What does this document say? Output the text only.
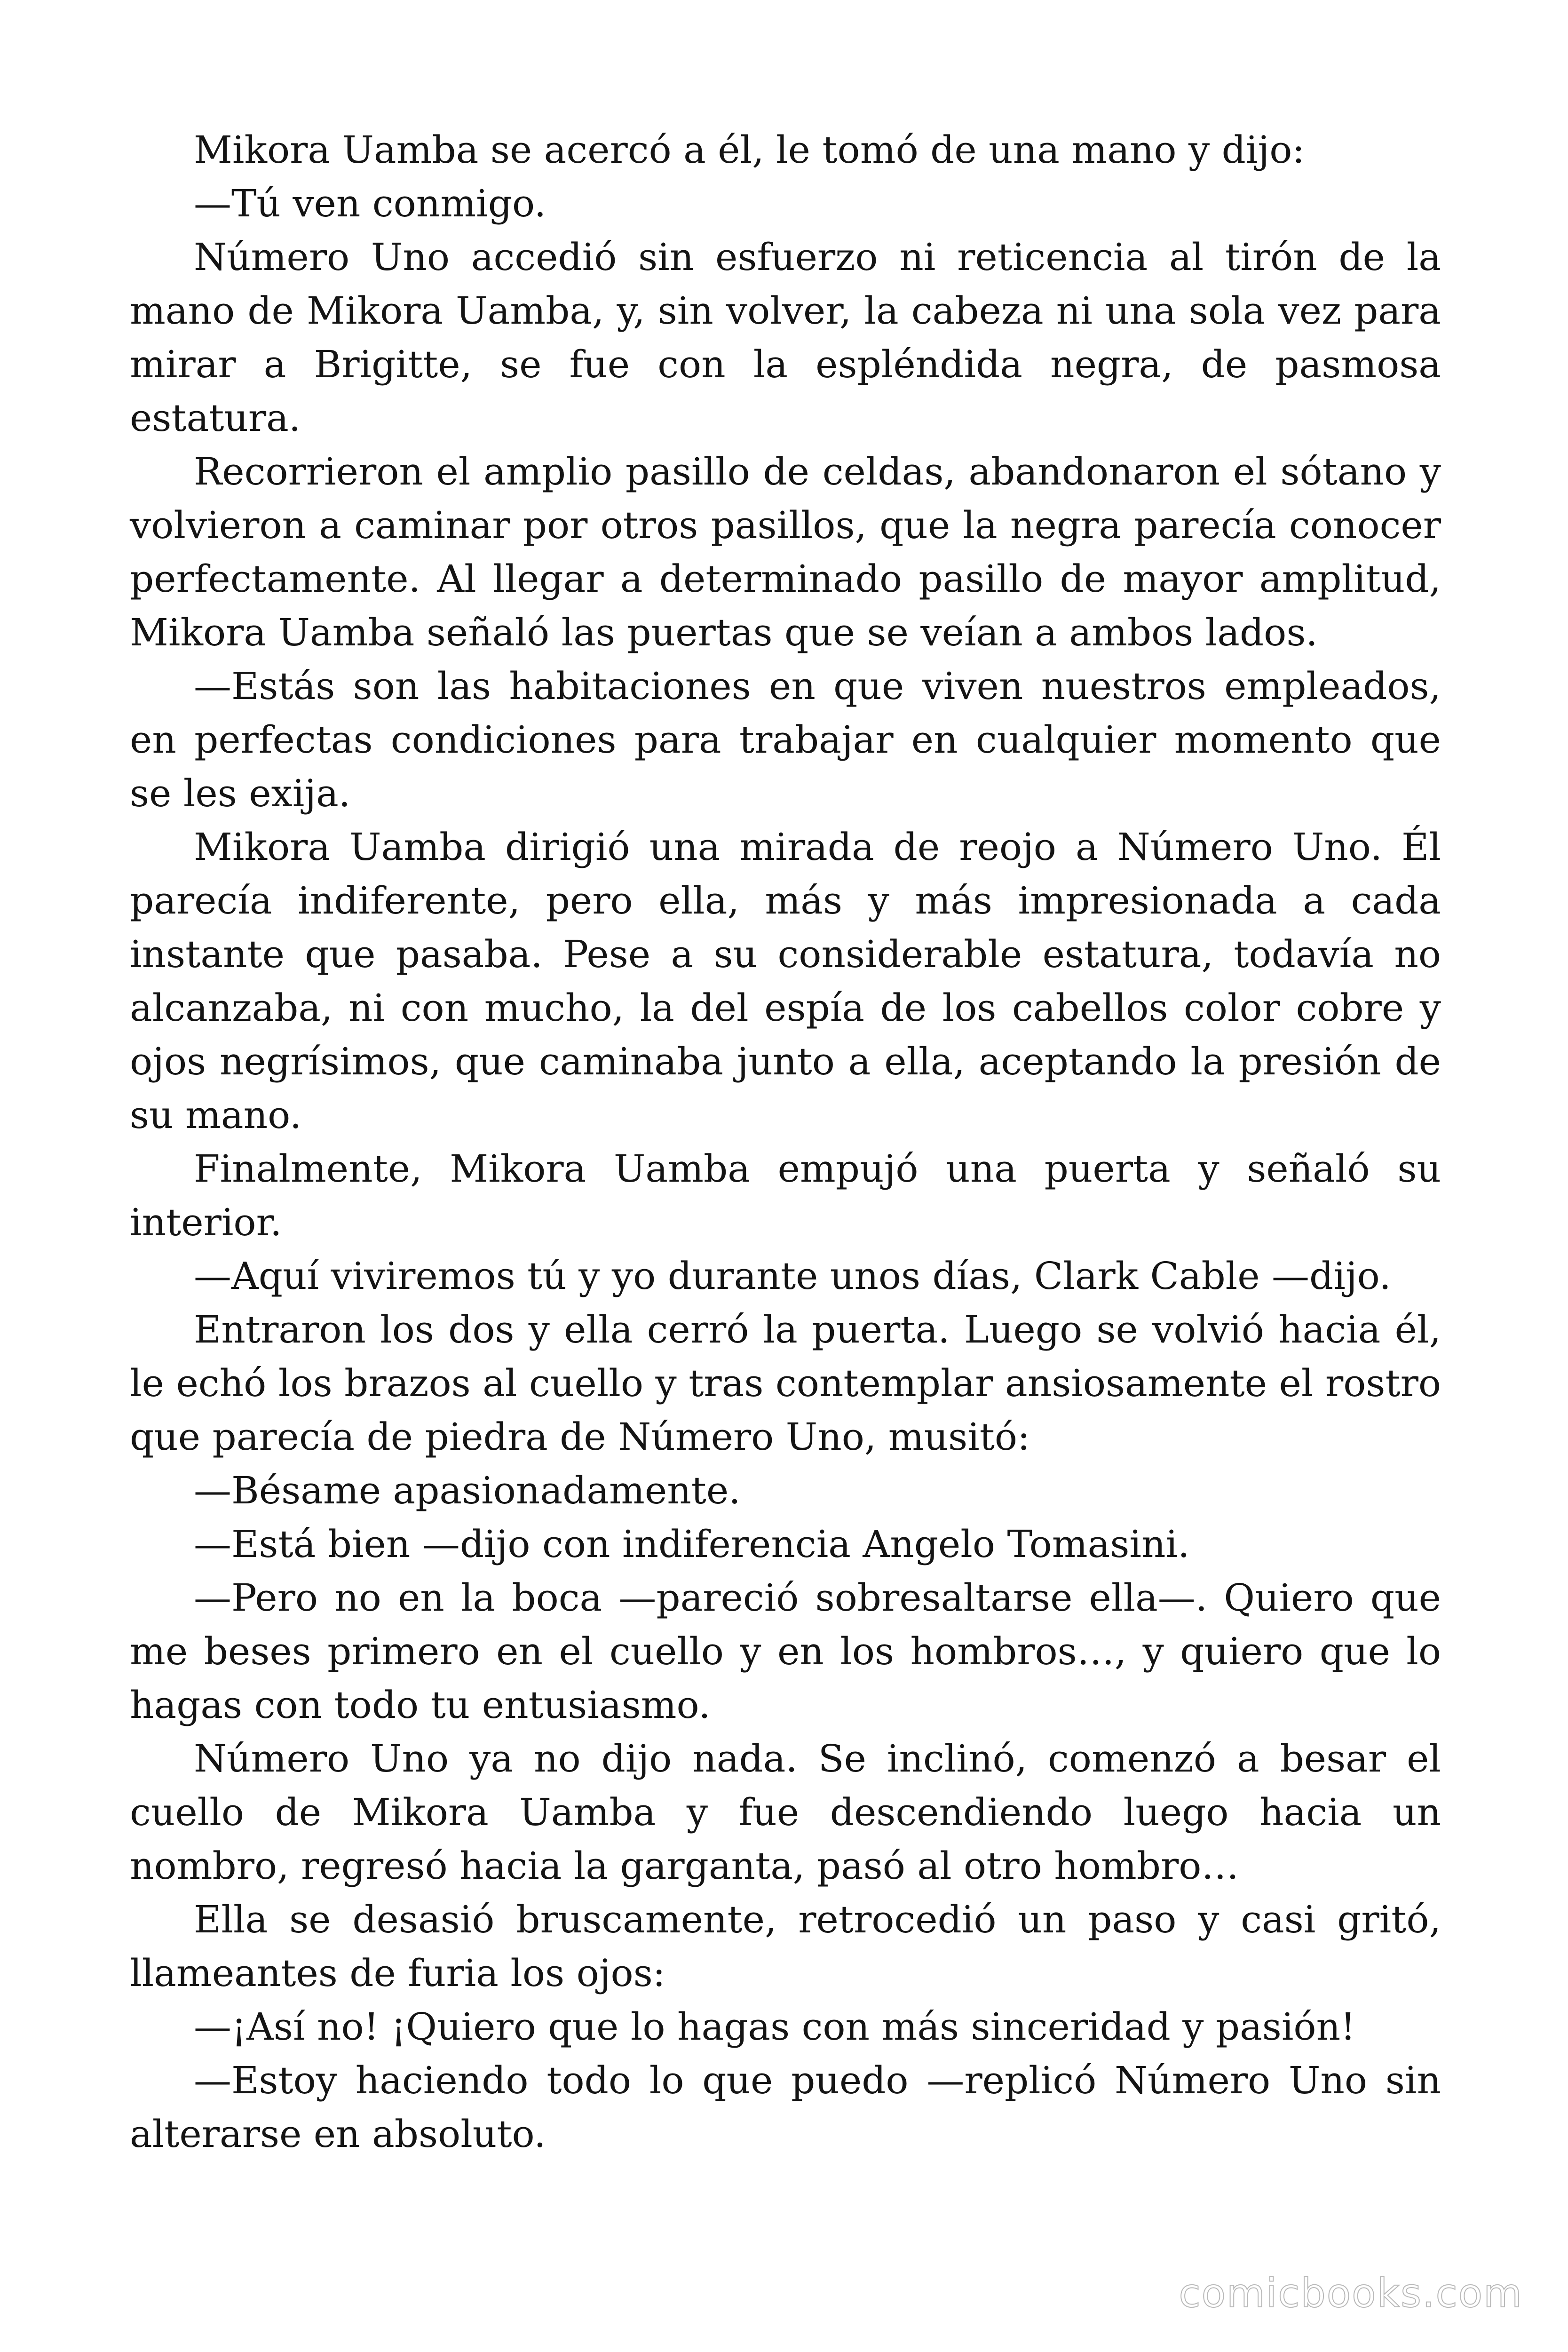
Mikora Uamba se acercó a él, le tomó de una mano y dijo:

—Tú ven conmigo.

Número Uno accedió sin esfuerzo ni reticencia al tirón de la mano de Mikora Uamba, y, sin volver, la cabeza ni una sola vez para mirar a Brigitte, se fue con la espléndida negra, de pasmosa estatura.

Recorrieron el amplio pasillo de celdas, abandonaron el sótano y volvieron a caminar por otros pasillos, que la negra parecía conocer perfectamente. Al llegar a determinado pasillo de mayor amplitud, Mikora Uamba señaló las puertas que se veían a ambos lados.

—Estás son las habitaciones en que viven nuestros empleados, en perfectas condiciones para trabajar en cualquier momento que se les exija.

Mikora Uamba dirigió una mirada de reojo a Número Uno. Él parecía indiferente, pero ella, más y más impresionada a cada instante que pasaba. Pese a su considerable estatura, todavía no alcanzaba, ni con mucho, la del espía de los cabellos color cobre y ojos negrísimos, que caminaba junto a ella, aceptando la presión de su mano.

Finalmente, Mikora Uamba empujó una puerta y señaló su interior.

—Aquí viviremos tú y yo durante unos días, Clark Cable —dijo.

Entraron los dos y ella cerró la puerta. Luego se volvió hacia él, le echó los brazos al cuello y tras contemplar ansiosamente el rostro que parecía de piedra de Número Uno, musitó:

—Bésame apasionadamente.

—Está bien —dijo con indiferencia Angelo Tomasini.

—Pero no en la boca —pareció sobresaltarse ella—. Quiero que me beses primero en el cuello y en los hombros…, y quiero que lo hagas con todo tu entusiasmo.

Número Uno ya no dijo nada. Se inclinó, comenzó a besar el cuello de Mikora Uamba y fue descendiendo luego hacia un nombro, regresó hacia la garganta, pasó al otro hombro…

Ella se desasió bruscamente, retrocedió un paso y casi gritó, llameantes de furia los ojos:

—¡Así no! ¡Quiero que lo hagas con más sinceridad y pasión!

—Estoy haciendo todo lo que puedo —replicó Número Uno sin alterarse en absoluto.

comicbooks.com
